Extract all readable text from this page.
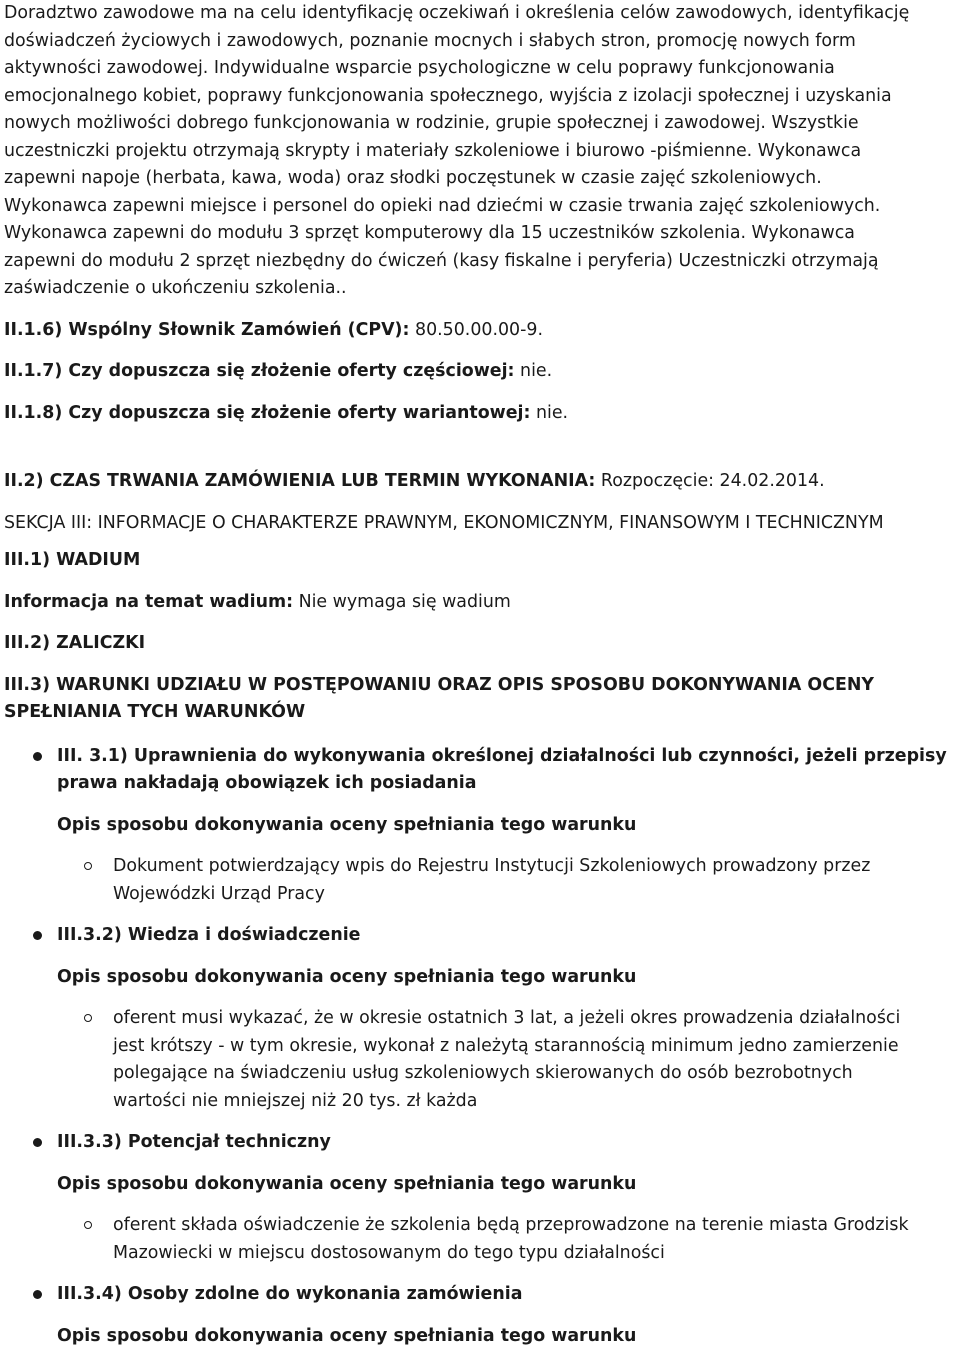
Doradztwo zawodowe ma na celu identyfikację oczekiwań i określenia celów zawodowych, identyfikację
doświadczeń życiowych i zawodowych, poznanie mocnych i słabych stron, promocję nowych form
aktywności zawodowej. Indywidualne wsparcie psychologiczne w celu poprawy funkcjonowania
emocjonalnego kobiet, poprawy funkcjonowania społecznego, wyjścia z izolacji społecznej i uzyskania
nowych możliwości dobrego funkcjonowania w rodzinie, grupie społecznej i zawodowej. Wszystkie
uczestniczki projektu otrzymają skrypty i materiały szkoleniowe i biurowo -piśmienne. Wykonawca
zapewni napoje (herbata, kawa, woda) oraz słodki poczęstunek w czasie zajęć szkoleniowych.
Wykonawca zapewni miejsce i personel do opieki nad dziećmi w czasie trwania zajęć szkoleniowych.
Wykonawca zapewni do modułu 3 sprzęt komputerowy dla 15 uczestników szkolenia. Wykonawca
zapewni do modułu 2 sprzęt niezbędny do ćwiczeń (kasy fiskalne i peryferia) Uczestniczki otrzymają
zaświadczenie o ukończeniu szkolenia..

II.1.6) Wspólny Słownik Zamówień (CPV): 80.50.00.00-9.

II.1.7) Czy dopuszcza się złożenie oferty częściowej: nie.

II.1.8) Czy dopuszcza się złożenie oferty wariantowej: nie.

II.2) CZAS TRWANIA ZAMÓWIENIA LUB TERMIN WYKONANIA: Rozpoczęcie: 24.02.2014.

SEKCJA III: INFORMACJE O CHARAKTERZE PRAWNYM, EKONOMICZNYM, FINANSOWYM I TECHNICZNYM

III.1) WADIUM

Informacja na temat wadium: Nie wymaga się wadium

III.2) ZALICZKI

III.3) WARUNKI UDZIAŁU W POSTĘPOWANIU ORAZ OPIS SPOSOBU DOKONYWANIA OCENY
SPEŁNIANIA TYCH WARUNKÓW

III. 3.1) Uprawnienia do wykonywania określonej działalności lub czynności, jeżeli przepisy
prawa nakładają obowiązek ich posiadania

Opis sposobu dokonywania oceny spełniania tego warunku

Dokument potwierdzający wpis do Rejestru Instytucji Szkoleniowych prowadzony przez
Wojewódzki Urząd Pracy
III.3.2) Wiedza i doświadczenie

Opis sposobu dokonywania oceny spełniania tego warunku

oferent musi wykazać, że w okresie ostatnich 3 lat, a jeżeli okres prowadzenia działalności
jest krótszy - w tym okresie, wykonał z należytą starannością minimum jedno zamierzenie
polegające na świadczeniu usług szkoleniowych skierowanych do osób bezrobotnych
wartości nie mniejszej niż 20 tys. zł każda
III.3.3) Potencjał techniczny

Opis sposobu dokonywania oceny spełniania tego warunku

oferent składa oświadczenie że szkolenia będą przeprowadzone na terenie miasta Grodzisk
Mazowiecki w miejscu dostosowanym do tego typu działalności
III.3.4) Osoby zdolne do wykonania zamówienia

Opis sposobu dokonywania oceny spełniania tego warunku
